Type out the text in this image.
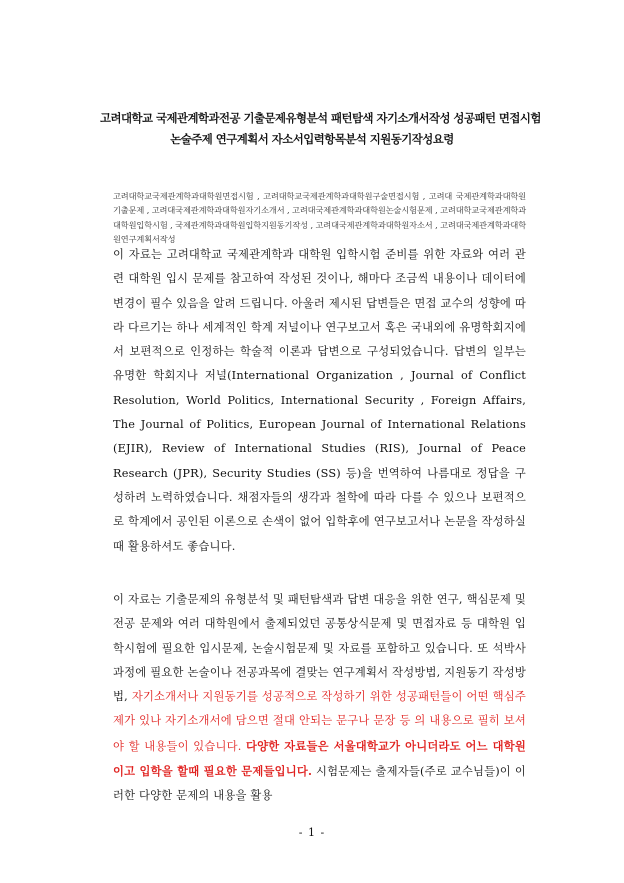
고려대학교 국제관계학과전공 기출문제유형분석 패턴탐색 자기소개서작성 성공패턴 면접시험
논술주제 연구계획서 자소서입력항목분석 지원동기작성요령
고려대학교국제관계학과대학원면접시험 , 고려대학교국제관계학과대학원구술면접시험 , 고려대 국제관계학과대학원기출문제 , 고려대국제관계학과대학원자기소개서 , 고려대국제관계학과대학원논술시험문제 , 고려대학교국제관계학과대학원입학시험 , 국제관계학과대학원입학지원동기작성 , 고려대국제관계학과대학원자소서 , 고려대국제관계학과대학원연구계획서작성
이 자료는 고려대학교 국제관계학과 대학원 입학시험 준비를 위한 자료와 여러 관련 대학원 입시 문제를 참고하여 작성된 것이나, 해마다 조금씩 내용이나 데이터에 변경이 필수 있음을 알려 드립니다. 아울러 제시된 답변들은 면접 교수의 성향에 따라 다르기는 하나 세계적인 학계 저널이나 연구보고서 혹은 국내외에 유명학회지에서 보편적으로 인정하는 학술적 이론과 답변으로 구성되었습니다. 답변의 일부는 유명한 학회지나 저널(International Organization , Journal of Conflict Resolution, World Politics, International Security , Foreign Affairs, The Journal of Politics, European Journal of International Relations (EJIR), Review of International Studies (RIS), Journal of Peace Research (JPR), Security Studies (SS) 등)을 번역하여 나름대로 정답을 구성하려 노력하였습니다. 채점자들의 생각과 철학에 따라 다를 수 있으나 보편적으로 학계에서 공인된 이론으로 손색이 없어 입학후에 연구보고서나 논문을 작성하실 때 활용하셔도 좋습니다.
이 자료는 기출문제의 유형분석 및 패턴탐색과 답변 대응을 위한 연구, 핵심문제 및 전공 문제와 여러 대학원에서 출제되었던 공통상식문제 및 면접자료 등 대학원 입학시험에 필요한 입시문제, 논술시험문제 및 자료를 포함하고 있습니다. 또 석박사 과정에 필요한 논술이나 전공과목에 결맞는 연구계획서 작성방법, 지원동기 작성방법, 자기소개서나 지원동기를 성공적으로 작성하기 위한 성공패턴들이 어떤 핵심주제가 있나 자기소개서에 담으면 절대 안되는 문구나 문장 등 의 내용으로 필히 보셔야 할 내용들이 있습니다. 다양한 자료들은 서울대학교가 아니더라도 어느 대학원이고 입학을 할때 필요한 문제들입니다. 시험문제는 출제자들(주로 교수님들)이 이러한 다양한 문제의 내용을 활용
- 1 -
